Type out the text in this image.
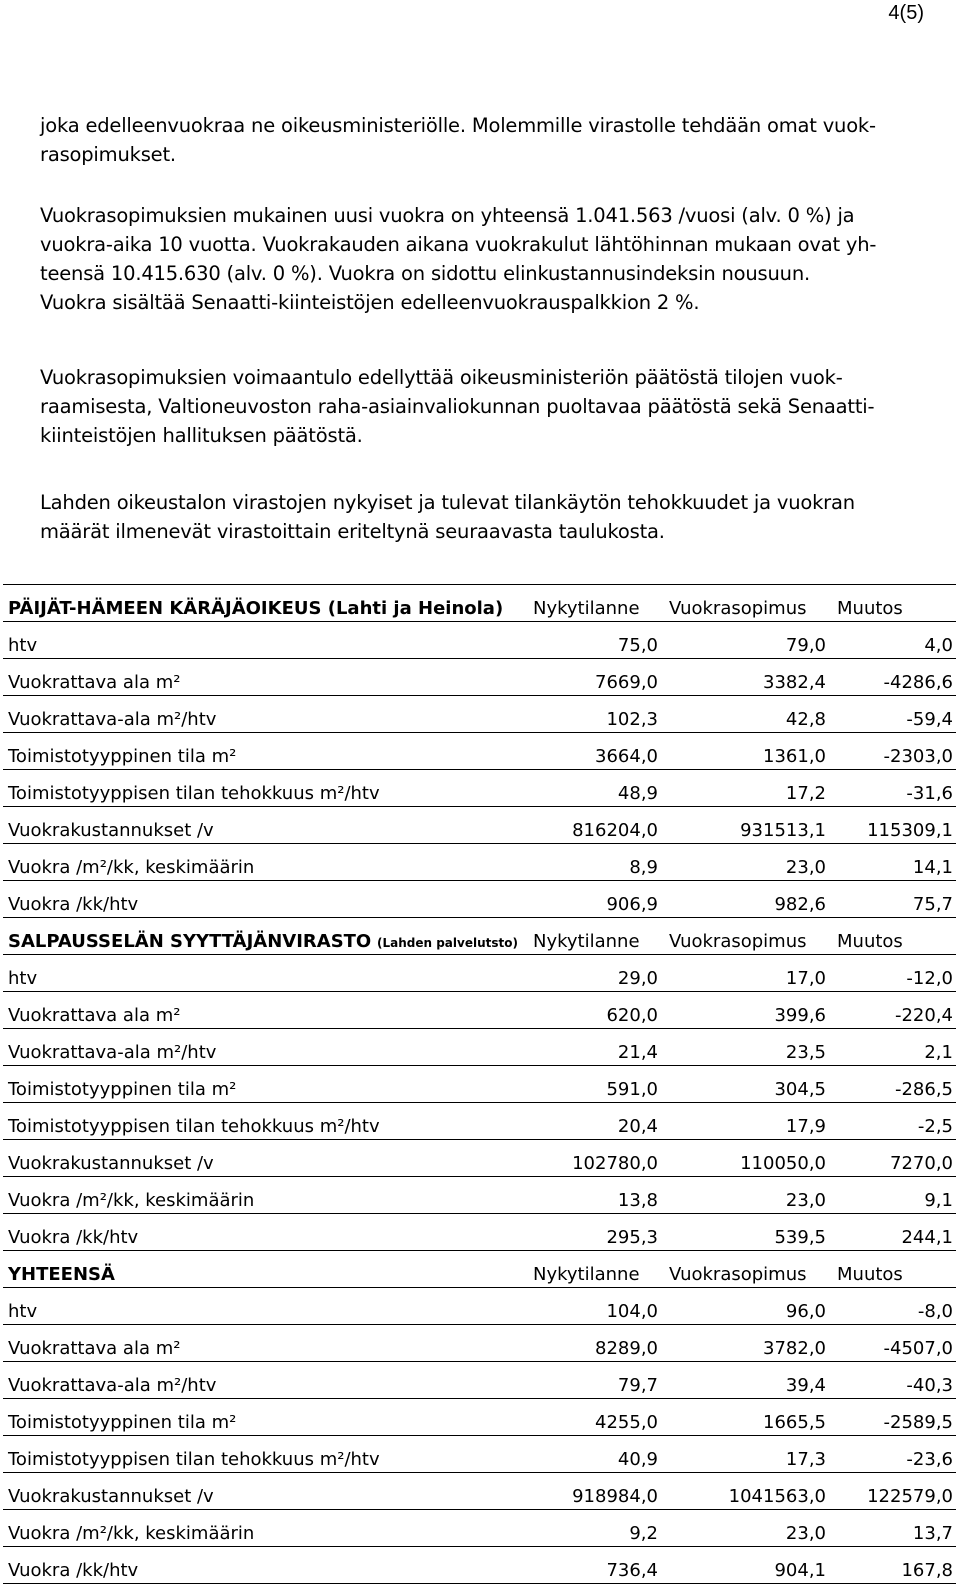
4(5)

joka edelleenvuokraa ne oikeusministeriölle. Molemmille virastolle tehdään omat vuok-
rasopimukset.

Vuokrasopimuksien mukainen uusi vuokra on yhteensä 1.041.563 /vuosi (alv. 0 %) ja
vuokra-aika 10 vuotta. Vuokrakauden aikana vuokrakulut lähtöhinnan mukaan ovat yh-
teensä 10.415.630 (alv. 0 %). Vuokra on sidottu elinkustannusindeksin nousuun.
Vuokra sisältää Senaatti-kiinteistöjen edelleenvuokrauspalkkion 2 %.

Vuokrasopimuksien voimaantulo edellyttää oikeusministeriön päätöstä tilojen vuok-
raamisesta, Valtioneuvoston raha-asiainvaliokunnan puoltavaa päätöstä sekä Senaatti-
kiinteistöjen hallituksen päätöstä.

Lahden oikeustalon virastojen nykyiset ja tulevat tilankäytön tehokkuudet ja vuokran
määrät ilmenevät virastoittain eriteltynä seuraavasta taulukosta.

PÄIJÄT-HÄMEEN KÄRÄJÄOIKEUS (Lahti ja Heinola)	Nykytilanne	Vuokrasopimus	Muutos
htv	75,0	79,0	4,0
Vuokrattava ala m²	7669,0	3382,4	-4286,6
Vuokrattava-ala m²/htv	102,3	42,8	-59,4
Toimistotyyppinen tila m²	3664,0	1361,0	-2303,0
Toimistotyyppisen tilan tehokkuus m²/htv	48,9	17,2	-31,6
Vuokrakustannukset /v	816204,0	931513,1	115309,1
Vuokra /m²/kk, keskimäärin	8,9	23,0	14,1
Vuokra /kk/htv	906,9	982,6	75,7
SALPAUSSELÄN SYYTTÄJÄNVIRASTO (Lahden palvelutsto)	Nykytilanne	Vuokrasopimus	Muutos
htv	29,0	17,0	-12,0
Vuokrattava ala m²	620,0	399,6	-220,4
Vuokrattava-ala m²/htv	21,4	23,5	2,1
Toimistotyyppinen tila m²	591,0	304,5	-286,5
Toimistotyyppisen tilan tehokkuus m²/htv	20,4	17,9	-2,5
Vuokrakustannukset /v	102780,0	110050,0	7270,0
Vuokra /m²/kk, keskimäärin	13,8	23,0	9,1
Vuokra /kk/htv	295,3	539,5	244,1
YHTEENSÄ	Nykytilanne	Vuokrasopimus	Muutos
htv	104,0	96,0	-8,0
Vuokrattava ala m²	8289,0	3782,0	-4507,0
Vuokrattava-ala m²/htv	79,7	39,4	-40,3
Toimistotyyppinen tila m²	4255,0	1665,5	-2589,5
Toimistotyyppisen tilan tehokkuus m²/htv	40,9	17,3	-23,6
Vuokrakustannukset /v	918984,0	1041563,0	122579,0
Vuokra /m²/kk, keskimäärin	9,2	23,0	13,7
Vuokra /kk/htv	736,4	904,1	167,8
